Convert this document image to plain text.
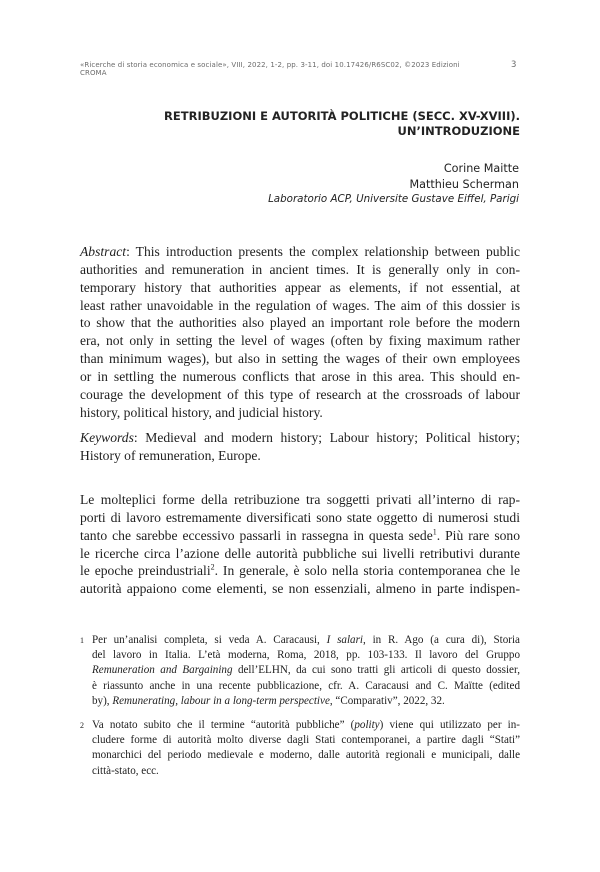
«Ricerche di storia economica e sociale», VIII, 2022, 1-2, pp. 3-11, doi 10.17426/R6SC02, ©2023 Edizioni CROMA
3
RETRIBUZIONI E AUTORITÀ POLITICHE (SECC. XV-XVIII).
UN’INTRODUZIONE
Corine Maitte
Matthieu Scherman
Laboratorio ACP, Universite Gustave Eiffel, Parigi
Abstract: This introduction presents the complex relationship between public
authorities and remuneration in ancient times. It is generally only in con-
temporary history that authorities appear as elements, if not essential, at
least rather unavoidable in the regulation of wages. The aim of this dossier is
to show that the authorities also played an important role before the modern
era, not only in setting the level of wages (often by fixing maximum rather
than minimum wages), but also in setting the wages of their own employees
or in settling the numerous conflicts that arose in this area. This should en-
courage the development of this type of research at the crossroads of labour
history, political history, and judicial history.
Keywords: Medieval and modern history; Labour history; Political history;
History of remuneration, Europe.
Le molteplici forme della retribuzione tra soggetti privati all’interno di rap-
porti di lavoro estremamente diversificati sono state oggetto di numerosi studi
tanto che sarebbe eccessivo passarli in rassegna in questa sede$^1$. Più rare sono
le ricerche circa l’azione delle autorità pubbliche sui livelli retributivi durante
le epoche preindustriali$^2$. In generale, è solo nella storia contemporanea che le
autorità appaiono come elementi, se non essenziali, almeno in parte indispen-
1 Per un’analisi completa, si veda A. Caracausi, I salari, in R. Ago (a cura di), Storia
del lavoro in Italia. L’età moderna, Roma, 2018, pp. 103-133. Il lavoro del Gruppo
Remuneration and Bargaining dell’ELHN, da cui sono tratti gli articoli di questo dossier,
è riassunto anche in una recente pubblicazione, cfr. A. Caracausi and C. Maïtte (edited
by), Remunerating, labour in a long-term perspective, “Comparativ”, 2022, 32.
2 Va notato subito che il termine “autorità pubbliche” (polity) viene qui utilizzato per in-
cludere forme di autorità molto diverse dagli Stati contemporanei, a partire dagli “Stati”
monarchici del periodo medievale e moderno, dalle autorità regionali e municipali, dalle
città-stato, ecc.
